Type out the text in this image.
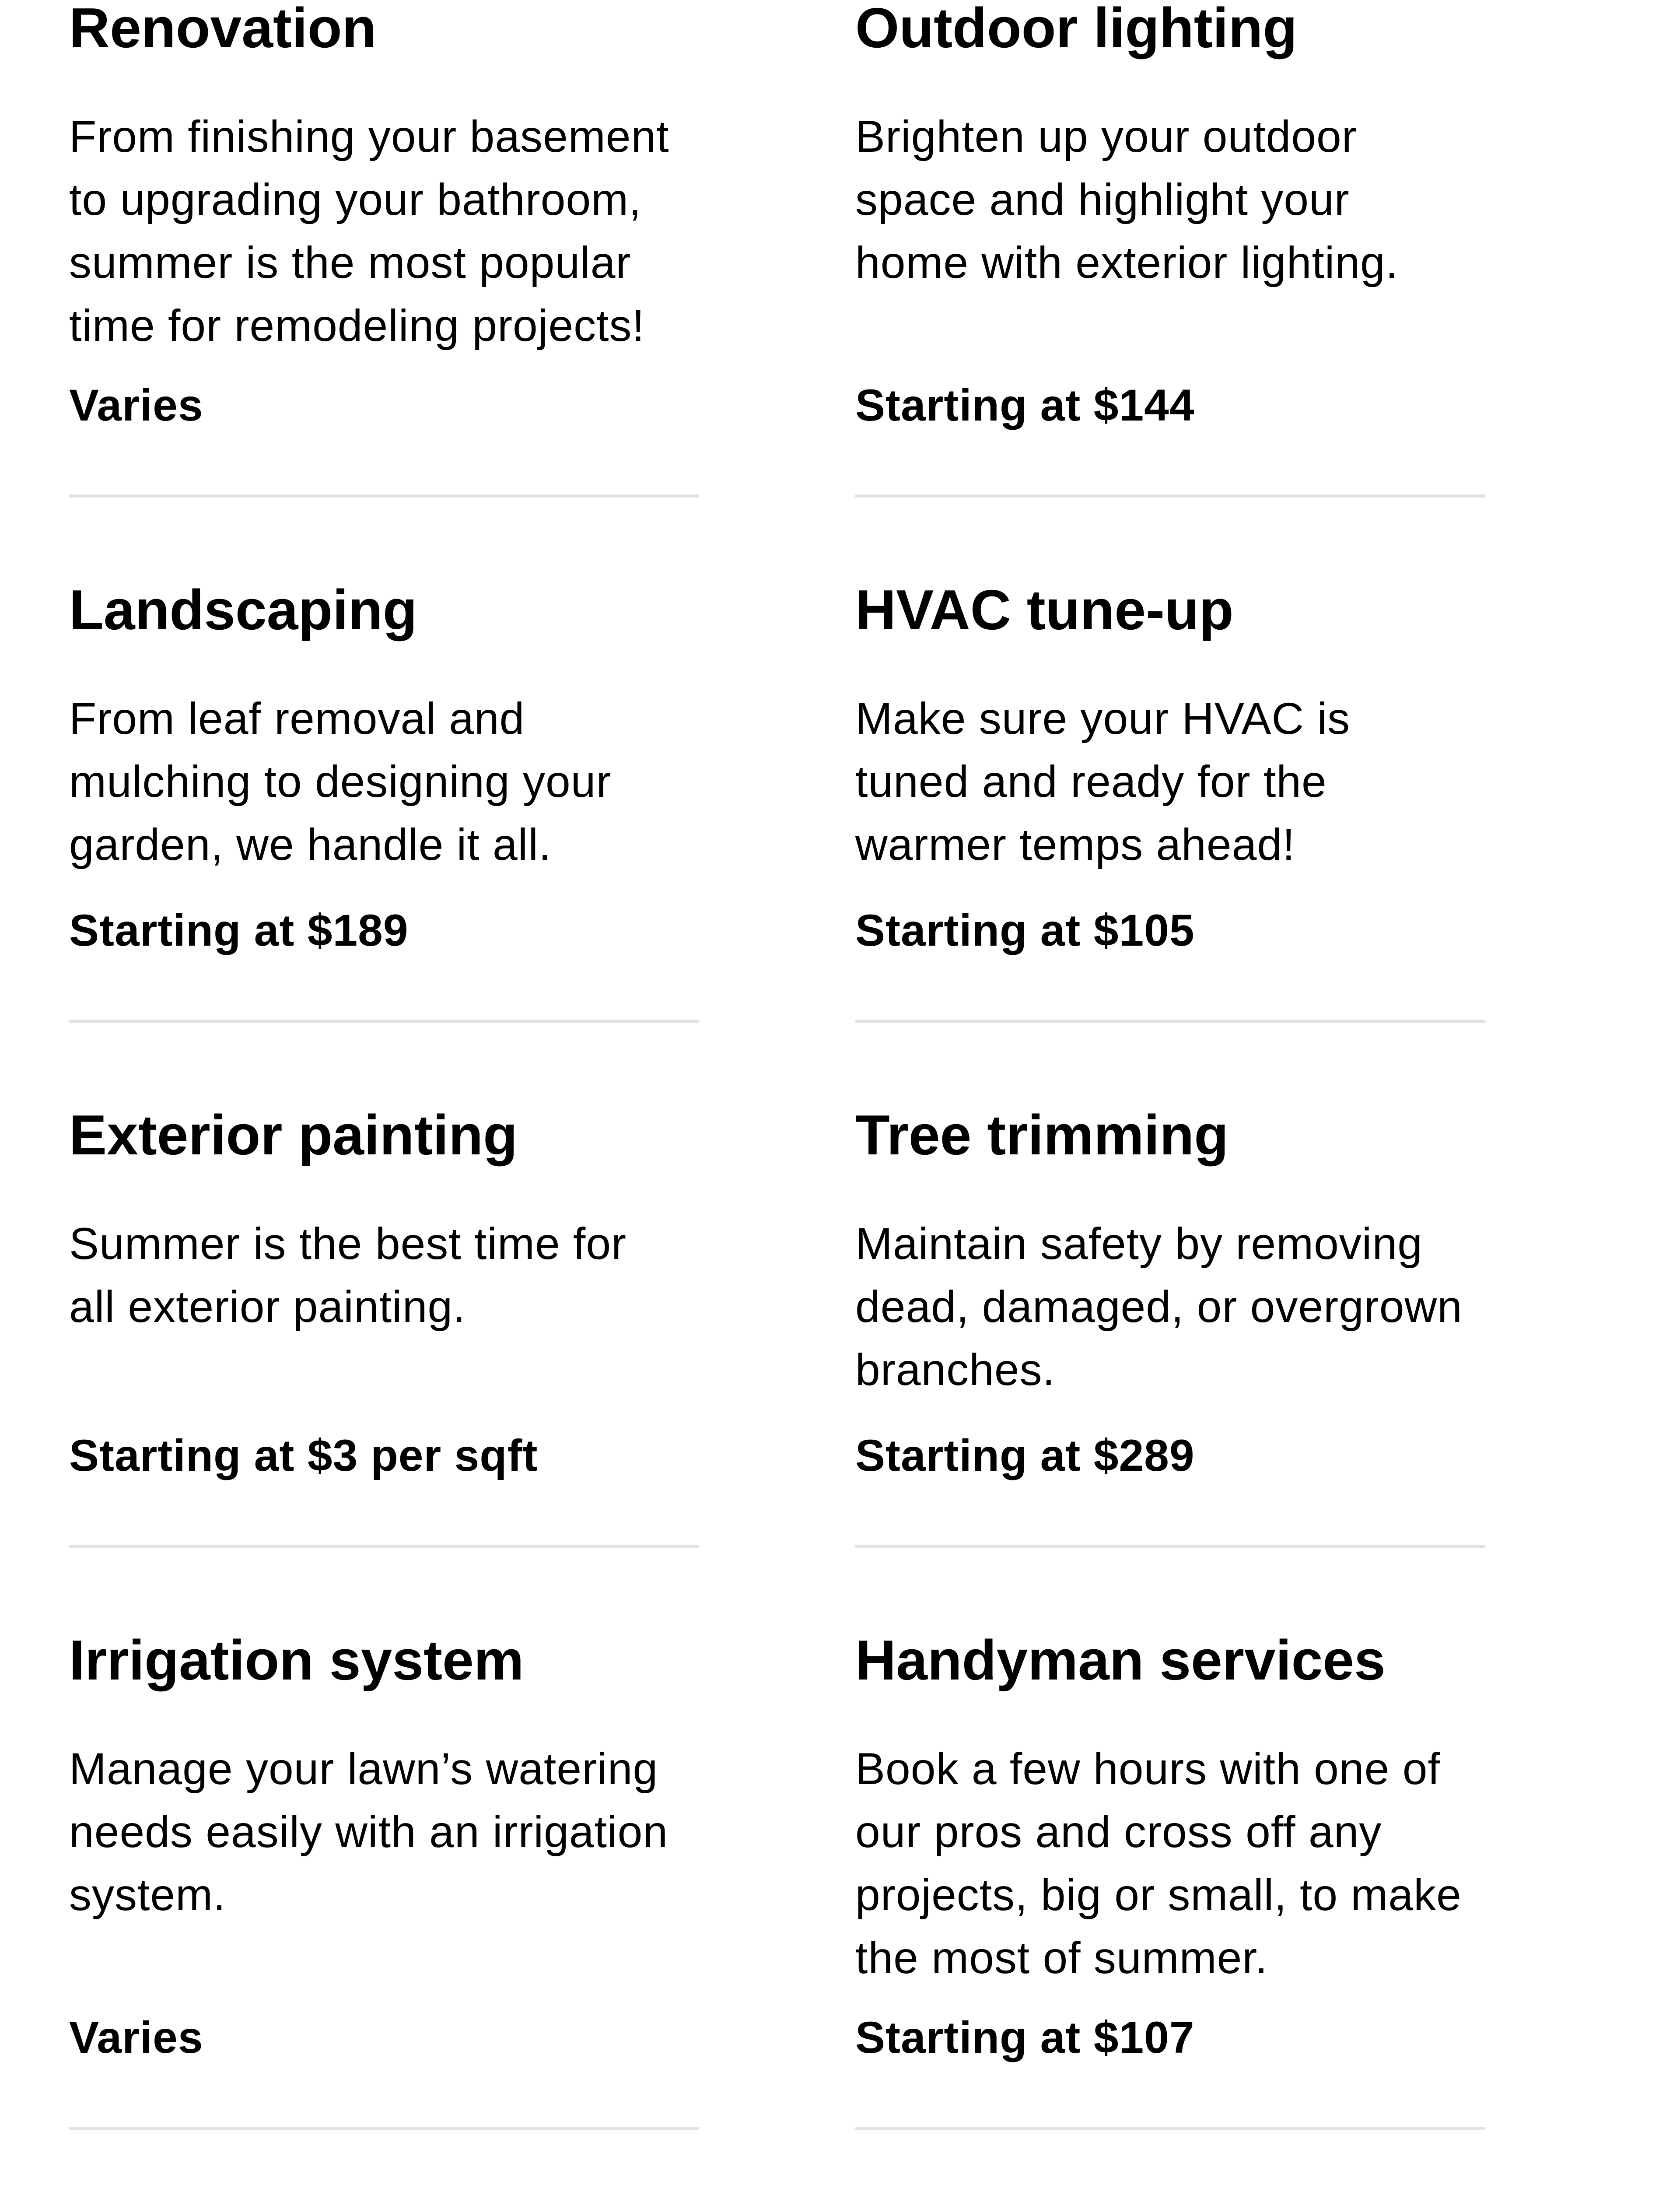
Renovation

From finishing your basement to upgrading your bathroom, summer is the most popular time for remodeling projects!

Varies

Outdoor lighting

Brighten up your outdoor space and highlight your home with exterior lighting.

Starting at $144

Landscaping

From leaf removal and mulching to designing your garden, we handle it all.

Starting at $189

HVAC tune-up

Make sure your HVAC is tuned and ready for the warmer temps ahead!

Starting at $105

Exterior painting

Summer is the best time for all exterior painting.

Starting at $3 per sqft

Tree trimming

Maintain safety by removing dead, damaged, or overgrown branches.

Starting at $289

Irrigation system

Manage your lawn’s watering needs easily with an irrigation system.

Varies

Handyman services

Book a few hours with one of our pros and cross off any projects, big or small, to make the most of summer.

Starting at $107
